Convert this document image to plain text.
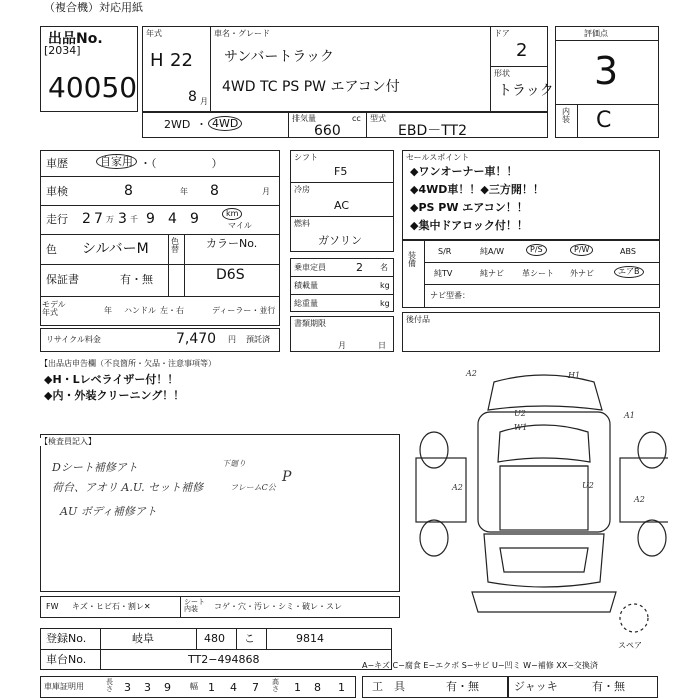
（複合機）対応用紙
出品No.
[2034]
40050
年式
H 22
8 月
車名・グレード
サンバートラック
4WD TC PS PW エアコン付
ドア
2
形状
トラック
評価点
3
内装 C
2WD ・ 4WD	排気量	cc
660
型式
EBD－TT2
車歴	自家用 ・（　　　　　）
車検	8	年 8	月
走行 2 7 万 3 千 9 4 9	km
マイル
色 シルバーM	色替 カラーNo.
D6S
保証書	有・無
モデル年式	年 ハンドル 左・右	ディーラー・並行
リサイクル料金	7,470 円 預託済
シフト
F5
冷房
AC
燃料
ガソリン
乗車定員	2 名
積載量	kg
総重量	kg
書類期限
月	日
セールスポイント
◆ワンオーナー車！！
◆4WD車！！◆三方開！！
◆PS PW エアコン！！
◆集中ドアロック付！！
装備
S/R	純A/W	P/S	P/W	ABS
純TV	純ナビ 革シート 外ナビ	エアB
ナビ型番：
後付品
【出品店申告欄（不良箇所・欠品・注意事項等）
◆H・Lレベライザー付！！
◆内・外装クリーニング！！
【検査員記入】
Dシート補修アト
荷台、アオリ A.U. セット補修
AU ボディ補修アト
下廻り
フレームC公
P
A2	H1
A1
U2
W1
A2	U2
A2
スペア
FW キズ・ヒビ石・割レ✕	シート内装	コゲ・穴・汚レ・シミ・破レ・スレ
登録No.	岐阜	480 こ	9814
車台No.	TT2−494868	A−キズ C−腐食 E−エクボ S−サビ U−凹ミ W−補修 XX−交換済
車庫証明用	長さ 3 3 9 幅 1 4 7 高さ 1 8 1 工　具	有・無	ジャッキ	有・無
